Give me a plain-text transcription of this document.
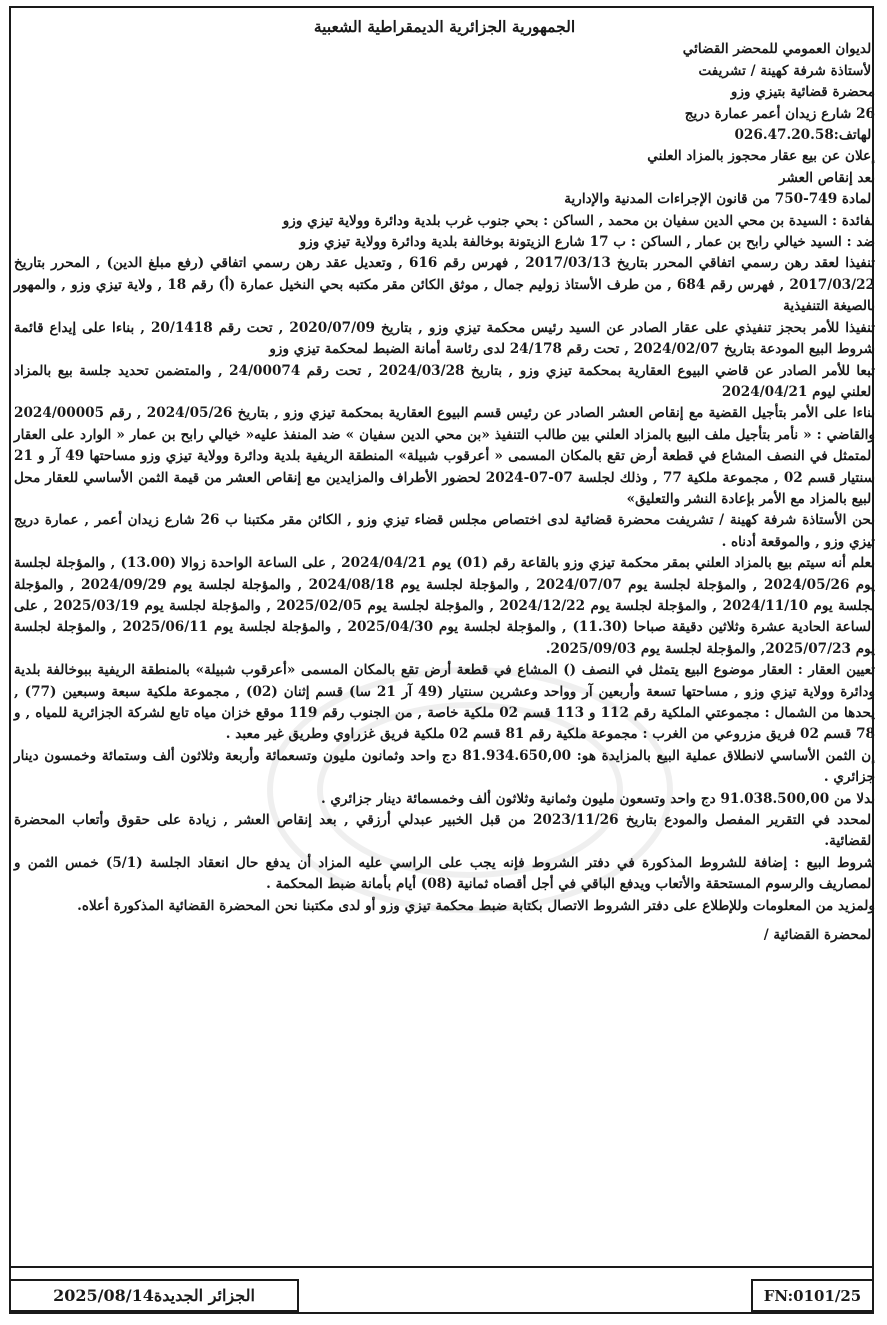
الجمهورية الجزائرية الديمقراطية الشعبية

الديوان العمومي للمحضر القضائي

الأستاذة شرفة كهينة / تشريفت

محضرة قضائية بتيزي وزو

26 شارع زيدان أعمر عمارة دريج

الهاتف:026.47.20.58

إعلان عن بيع عقار محجوز بالمزاد العلني

بعد إنقاص العشر

المادة 749-750 من قانون الإجراءات المدنية والإدارية

لفائدة : السيدة بن محي الدين سفيان بن محمد , الساكن : بحي جنوب غرب بلدية ودائرة وولاية تيزي وزو

ضد : السيد خيالي رابح بن عمار , الساكن : ب 17 شارع الزيتونة بوخالفة بلدية ودائرة وولاية تيزي وزو

تنفيذا لعقد رهن رسمي اتفاقي المحرر بتاريخ 2017/03/13 , فهرس رقم 616 , وتعديل عقد رهن رسمي اتفاقي (رفع مبلغ الدين) , المحرر بتاريخ 2017/03/22 , فهرس رقم 684 , من طرف الأستاذ زوليم جمال , موثق الكائن مقر مكتبه بحي النخيل عمارة (أ) رقم 18 , ولاية تيزي وزو , والمهور بالصيغة التنفيذية

تنفيذا للأمر بحجز تنفيذي على عقار الصادر عن السيد رئيس محكمة تيزي وزو , بتاريخ 2020/07/09 , تحت رقم 20/1418 , بناءا على إيداع قائمة شروط البيع المودعة بتاريخ 2024/02/07 , تحت رقم 24/178 لدى رئاسة أمانة الضبط لمحكمة تيزي وزو

تبعا للأمر الصادر عن قاضي البيوع العقارية بمحكمة تيزي وزو , بتاريخ 2024/03/28 , تحت رقم 24/00074 , والمتضمن تحديد جلسة بيع بالمزاد العلني ليوم 2024/04/21

بناءا على الأمر بتأجيل القضية مع إنقاص العشر الصادر عن رئيس قسم البيوع العقارية بمحكمة تيزي وزو , بتاريخ 2024/05/26 , رقم 2024/00005 والقاضي : « نأمر بتأجيل ملف البيع بالمزاد العلني بين طالب التنفيذ «بن محي الدين سفيان » ضد المنفذ عليه« خيالي رابح بن عمار « الوارد على العقار المتمثل في النصف المشاع في قطعة أرض تقع بالمكان المسمى « أعرقوب شبيلة» المنطقة الريفية بلدية ودائرة وولاية تيزي وزو مساحتها 49 آر و 21 سنتيار قسم 02 , مجموعة ملكية 77 , وذلك لجلسة 07-07-2024 لحضور الأطراف والمزايدين مع إنقاص العشر من قيمة الثمن الأساسي للعقار محل البيع بالمزاد مع الأمر بإعادة النشر والتعليق»

نحن الأستاذة شرفة كهينة / تشريفت محضرة قضائية لدى اختصاص مجلس قضاء تيزي وزو , الكائن مقر مكتبنا ب 26 شارع زيدان أعمر , عمارة دريج تيزي وزو , والموقعة أدناه .

نعلم أنه سيتم بيع بالمزاد العلني بمقر محكمة تيزي وزو بالقاعة رقم (01) يوم 2024/04/21 , على الساعة الواحدة زوالا (13.00) , والمؤجلة لجلسة يوم 2024/05/26 , والمؤجلة لجلسة يوم 2024/07/07 , والمؤجلة لجلسة يوم 2024/08/18 , والمؤجلة لجلسة يوم 2024/09/29 , والمؤجلة لجلسة يوم 2024/11/10 , والمؤجلة لجلسة يوم 2024/12/22 , والمؤجلة لجلسة يوم 2025/02/05 , والمؤجلة لجلسة يوم 2025/03/19 , على الساعة الحادية عشرة وثلاثين دقيقة صباحا (11.30) , والمؤجلة لجلسة يوم 2025/04/30 , والمؤجلة لجلسة يوم 2025/06/11 , والمؤجلة لجلسة يوم 2025/07/23, والمؤجلة لجلسة يوم 2025/09/03.

تعيين العقار : العقار موضوع البيع يتمثل في النصف () المشاع في قطعة أرض تقع بالمكان المسمى «أعرقوب شبيلة» بالمنطقة الريفية ببوخالفة بلدية ودائرة وولاية تيزي وزو , مساحتها تسعة وأربعين آر وواحد وعشرين سنتيار (49 آر 21 سا) قسم إثنان (02) , مجموعة ملكية سبعة وسبعين (77) , يحدها من الشمال : مجموعتي الملكية رقم 112 و 113 قسم 02 ملكية خاصة , من الجنوب رقم 119 موقع خزان مياه تابع لشركة الجزائرية للمياه , و 78 قسم 02 فريق مزروعي من الغرب : مجموعة ملكية رقم 81 قسم 02 ملكية فريق غزراوي وطريق غير معبد .

إن الثمن الأساسي لانطلاق عملية البيع بالمزايدة هو: 81.934.650,00 دج واحد وثمانون مليون وتسعمائة وأربعة وثلاثون ألف وستمائة وخمسون دينار جزائري .

بدلا من 91.038.500,00 دج واحد وتسعون مليون وثمانية وثلاثون ألف وخمسمائة دينار جزائري .

المحدد في التقرير المفصل والمودع بتاريخ 2023/11/26 من قبل الخبير عبدلي أرزقي , بعد إنقاص العشر , زيادة على حقوق وأتعاب المحضرة القضائية.

شروط البيع : إضافة للشروط المذكورة في دفتر الشروط فإنه يجب على الراسي عليه المزاد أن يدفع حال انعقاد الجلسة (5/1) خمس الثمن و المصاريف والرسوم المستحقة والأتعاب ويدفع الباقي في أجل أقصاه ثمانية (08) أيام بأمانة ضبط المحكمة .

ولمزيد من المعلومات وللإطلاع على دفتر الشروط الاتصال بكتابة ضبط محكمة تيزي وزو أو لدى مكتبنا نحن المحضرة القضائية المذكورة أعلاه.

المحضرة القضائية /

الجزائر الجديدة
2025/08/14	FN:0101/25
